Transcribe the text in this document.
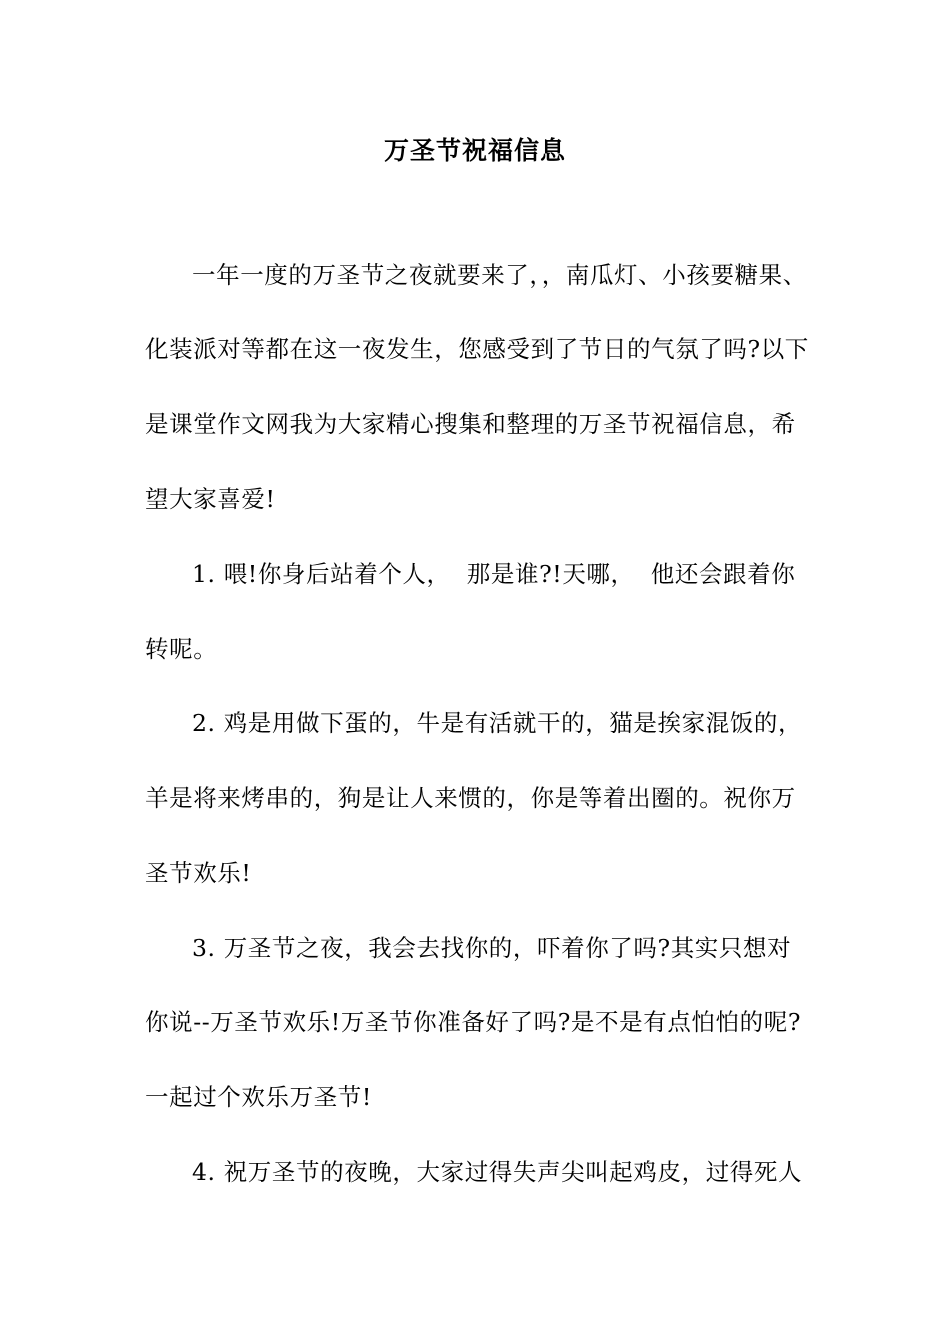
万圣节祝福信息
一年一度的万圣节之夜就要来了，，南瓜灯、小孩要糖果、
化装派对等都在这一夜发生，您感受到了节日的气氛了吗?以下
是课堂作文网我为大家精心搜集和整理的万圣节祝福信息，希
望大家喜爱!
1. 喂!你身后站着个人，  那是谁?!天哪，  他还会跟着你
转呢。
2. 鸡是用做下蛋的，牛是有活就干的，猫是挨家混饭的，
羊是将来烤串的，狗是让人来惯的，你是等着出圈的。祝你万
圣节欢乐!
3. 万圣节之夜，我会去找你的，吓着你了吗?其实只想对
你说--万圣节欢乐!万圣节你准备好了吗?是不是有点怕怕的呢?
一起过个欢乐万圣节!
4. 祝万圣节的夜晚，大家过得失声尖叫起鸡皮，过得死人
